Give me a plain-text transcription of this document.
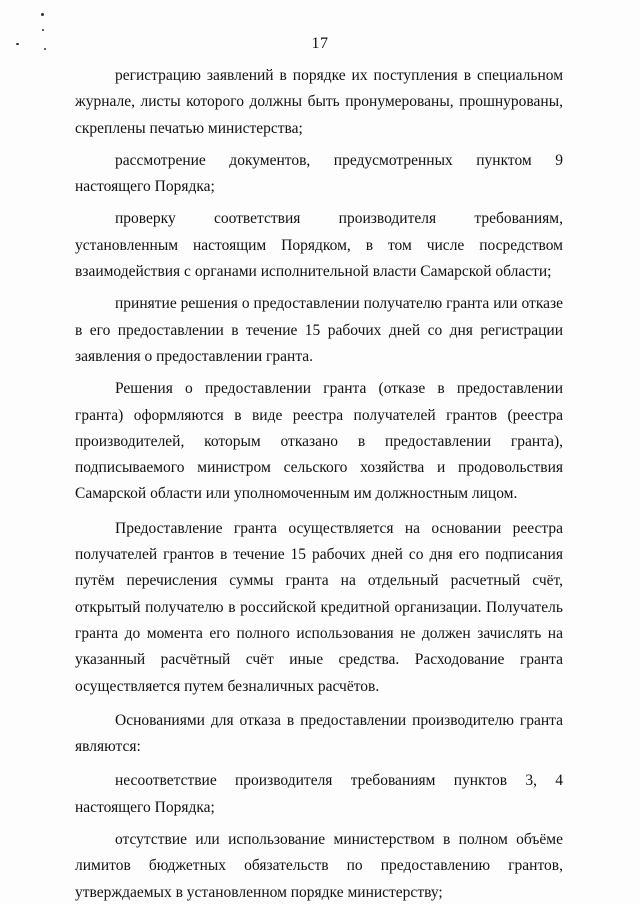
17

регистрацию заявлений в порядке их поступления в специальном журнале, листы которого должны быть пронумерованы, прошнурованы, скреплены печатью министерства;

рассмотрение документов, предусмотренных пунктом 9 настоящего Порядка;

проверку соответствия производителя требованиям, установленным настоящим Порядком, в том числе посредством взаимодействия с органами исполнительной власти Самарской области;

принятие решения о предоставлении получателю гранта или отказе в его предоставлении в течение 15 рабочих дней со дня регистрации заявления о предоставлении гранта.

Решения о предоставлении гранта (отказе в предоставлении гранта) оформляются в виде реестра получателей грантов (реестра производителей, которым отказано в предоставлении гранта), подписываемого министром сельского хозяйства и продовольствия Самарской области или уполномоченным им должностным лицом.

Предоставление гранта осуществляется на основании реестра получателей грантов в течение 15 рабочих дней со дня его подписания путём перечисления суммы гранта на отдельный расчетный счёт, открытый получателю в российской кредитной организации. Получатель гранта до момента его полного использования не должен зачислять на указанный расчётный счёт иные средства. Расходование гранта осуществляется путем безналичных расчётов.

Основаниями для отказа в предоставлении производителю гранта являются:

несоответствие производителя требованиям пунктов 3, 4 настоящего Порядка;

отсутствие или использование министерством в полном объёме лимитов бюджетных обязательств по предоставлению грантов, утверждаемых в установленном порядке министерству;
